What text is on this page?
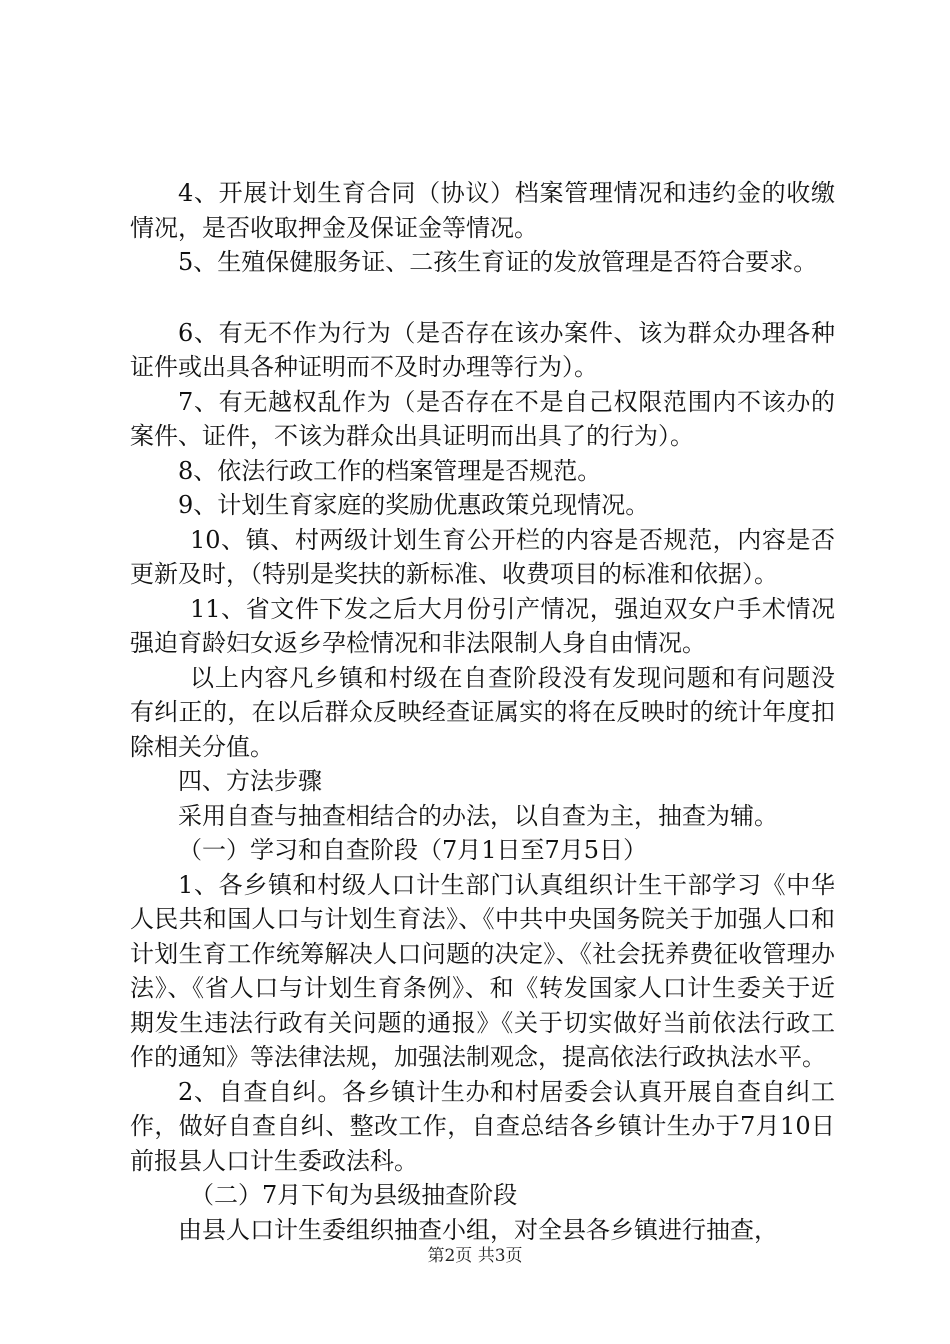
4、开展计划生育合同（协议）档案管理情况和违约金的收缴情况，是否收取押金及保证金等情况。

5、生殖保健服务证、二孩生育证的发放管理是否符合要求。

6、有无不作为行为（是否存在该办案件、该为群众办理各种证件或出具各种证明而不及时办理等行为）。

7、有无越权乱作为（是否存在不是自己权限范围内不该办的案件、证件，不该为群众出具证明而出具了的行为）。

8、依法行政工作的档案管理是否规范。

9、计划生育家庭的奖励优惠政策兑现情况。

10、镇、村两级计划生育公开栏的内容是否规范，内容是否更新及时，（特别是奖扶的新标准、收费项目的标准和依据）。

11、省文件下发之后大月份引产情况，强迫双女户手术情况强迫育龄妇女返乡孕检情况和非法限制人身自由情况。

以上内容凡乡镇和村级在自查阶段没有发现问题和有问题没有纠正的，在以后群众反映经查证属实的将在反映时的统计年度扣除相关分值。

四、方法步骤

采用自查与抽查相结合的办法，以自查为主，抽查为辅。

（一）学习和自查阶段（7月1日至7月5日）

1、各乡镇和村级人口计生部门认真组织计生干部学习《中华人民共和国人口与计划生育法》、《中共中央国务院关于加强人口和计划生育工作统筹解决人口问题的决定》、《社会抚养费征收管理办法》、《省人口与计划生育条例》、和《转发国家人口计生委关于近期发生违法行政有关问题的通报》《关于切实做好当前依法行政工作的通知》等法律法规，加强法制观念，提高依法行政执法水平。

2、自查自纠。各乡镇计生办和村居委会认真开展自查自纠工作，做好自查自纠、整改工作，自查总结各乡镇计生办于7月10日前报县人口计生委政法科。

（二）7月下旬为县级抽查阶段

由县人口计生委组织抽查小组，对全县各乡镇进行抽查，

第2页 共3页
